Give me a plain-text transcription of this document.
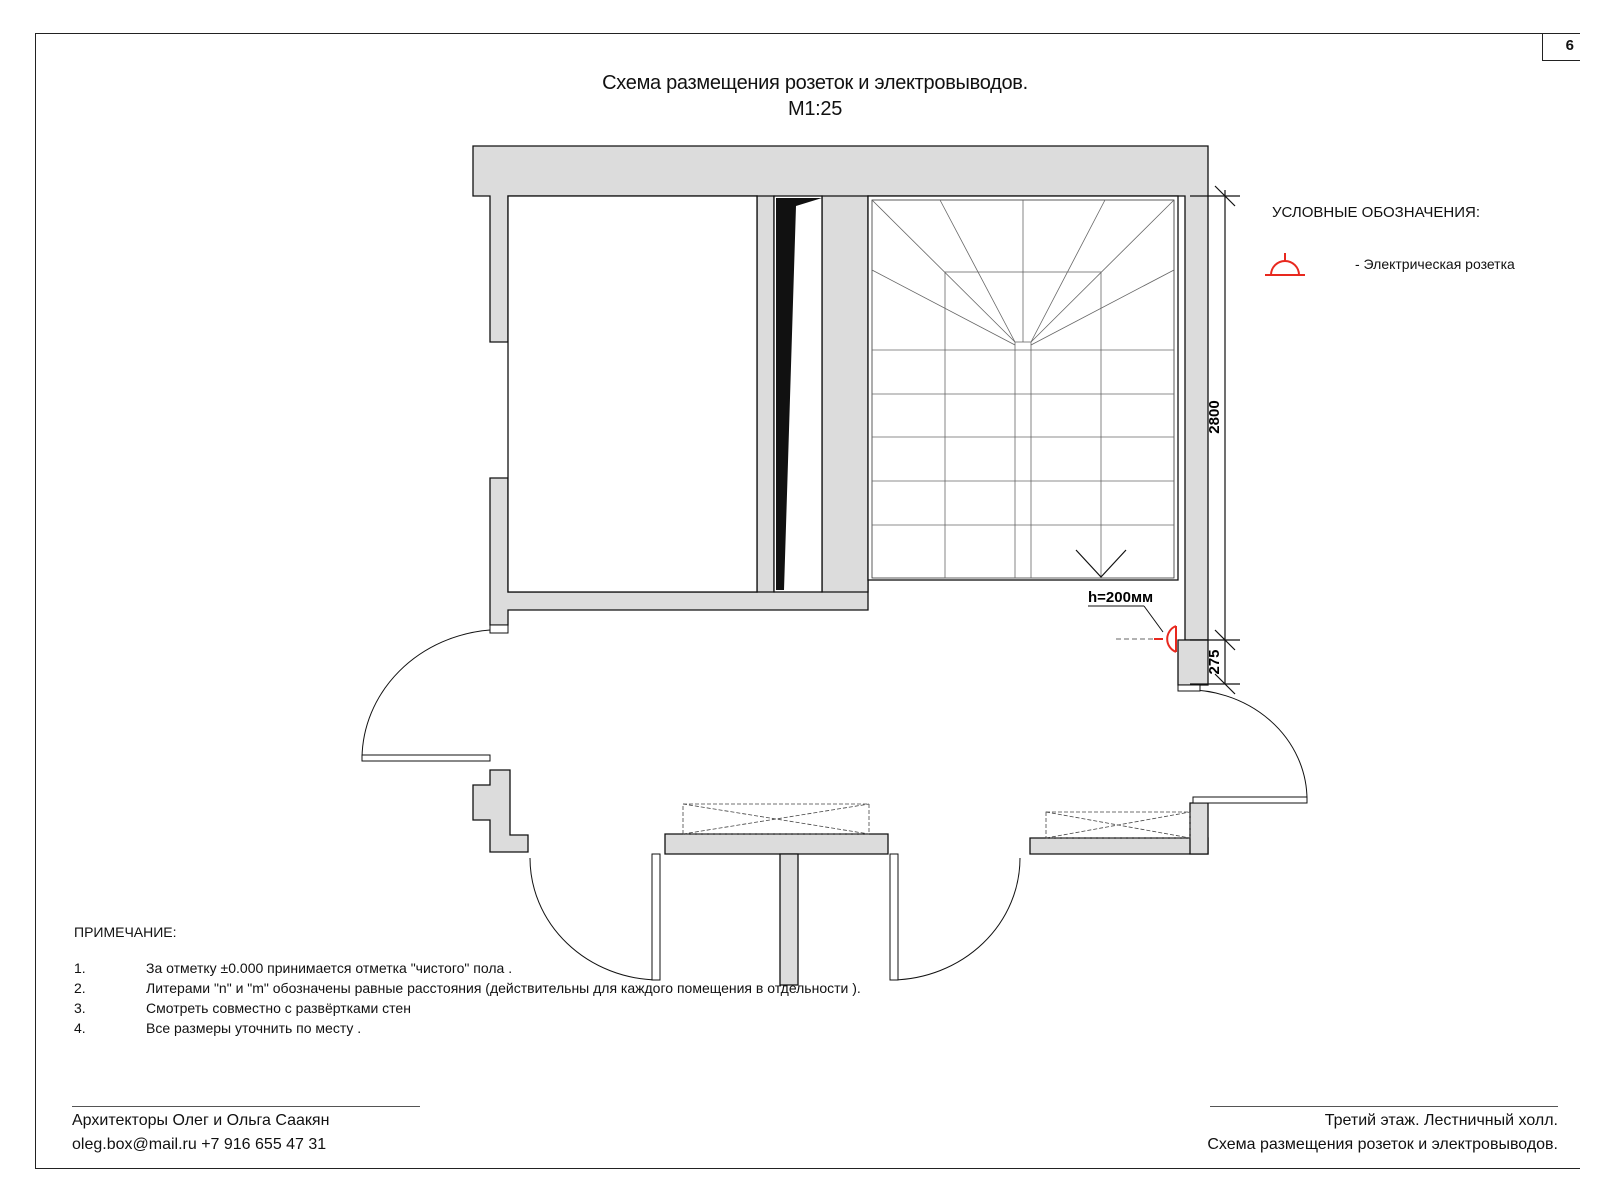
6
Схема размещения розеток и электровыводов.
М1:25
УСЛОВНЫЕ ОБОЗНАЧЕНИЯ:
- Электрическая розетка
2800
275
h=200мм
ПРИМЕЧАНИЕ:
1.	За отметку ±0.000 принимается отметка "чистого" пола .
2.	Литерами "n" и "m" обозначены равные расстояния (действительны для каждого помещения в отдельности ).
3.	Смотреть совместно с развёртками стен
4.	Все размеры уточнить по месту .
Архитекторы Олег и Ольга Саакян
oleg.box@mail.ru +7 916 655 47 31
Третий этаж. Лестничный холл.
Схема размещения розеток и электровыводов.
